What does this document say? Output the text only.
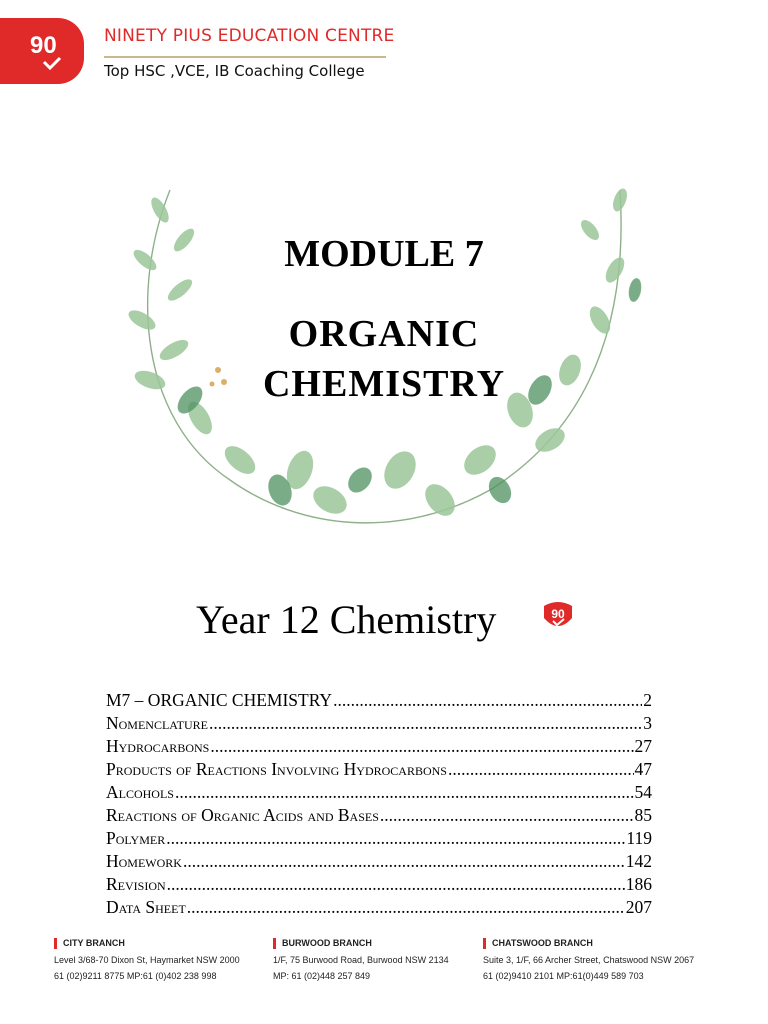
90	NINETY PIUS EDUCATION CENTRE
Top HSC ,VCE, IB Coaching College
MODULE 7
ORGANIC
CHEMISTRY
Year 12 Chemistry	90
M7 – ORGANIC CHEMISTRY .....	2
Nomenclature .....	3
Hydrocarbons .....	27
Products of Reactions Involving Hydrocarbons .....	47
Alcohols .....	54
Reactions of Organic Acids and Bases .....	85
Polymer .....	119
Homework .....	142
Revision .....	186
Data Sheet .....	207
CITY BRANCH
Level 3/68-70 Dixon St, Haymarket NSW 2000
61 (02)9211 8775 MP:61 (0)402 238 998
BURWOOD BRANCH
1/F, 75 Burwood Road, Burwood NSW 2134
MP: 61 (02)448 257 849
CHATSWOOD BRANCH
Suite 3, 1/F, 66 Archer Street, Chatswood NSW 2067
61 (02)9410 2101 MP:61(0)449 589 703
